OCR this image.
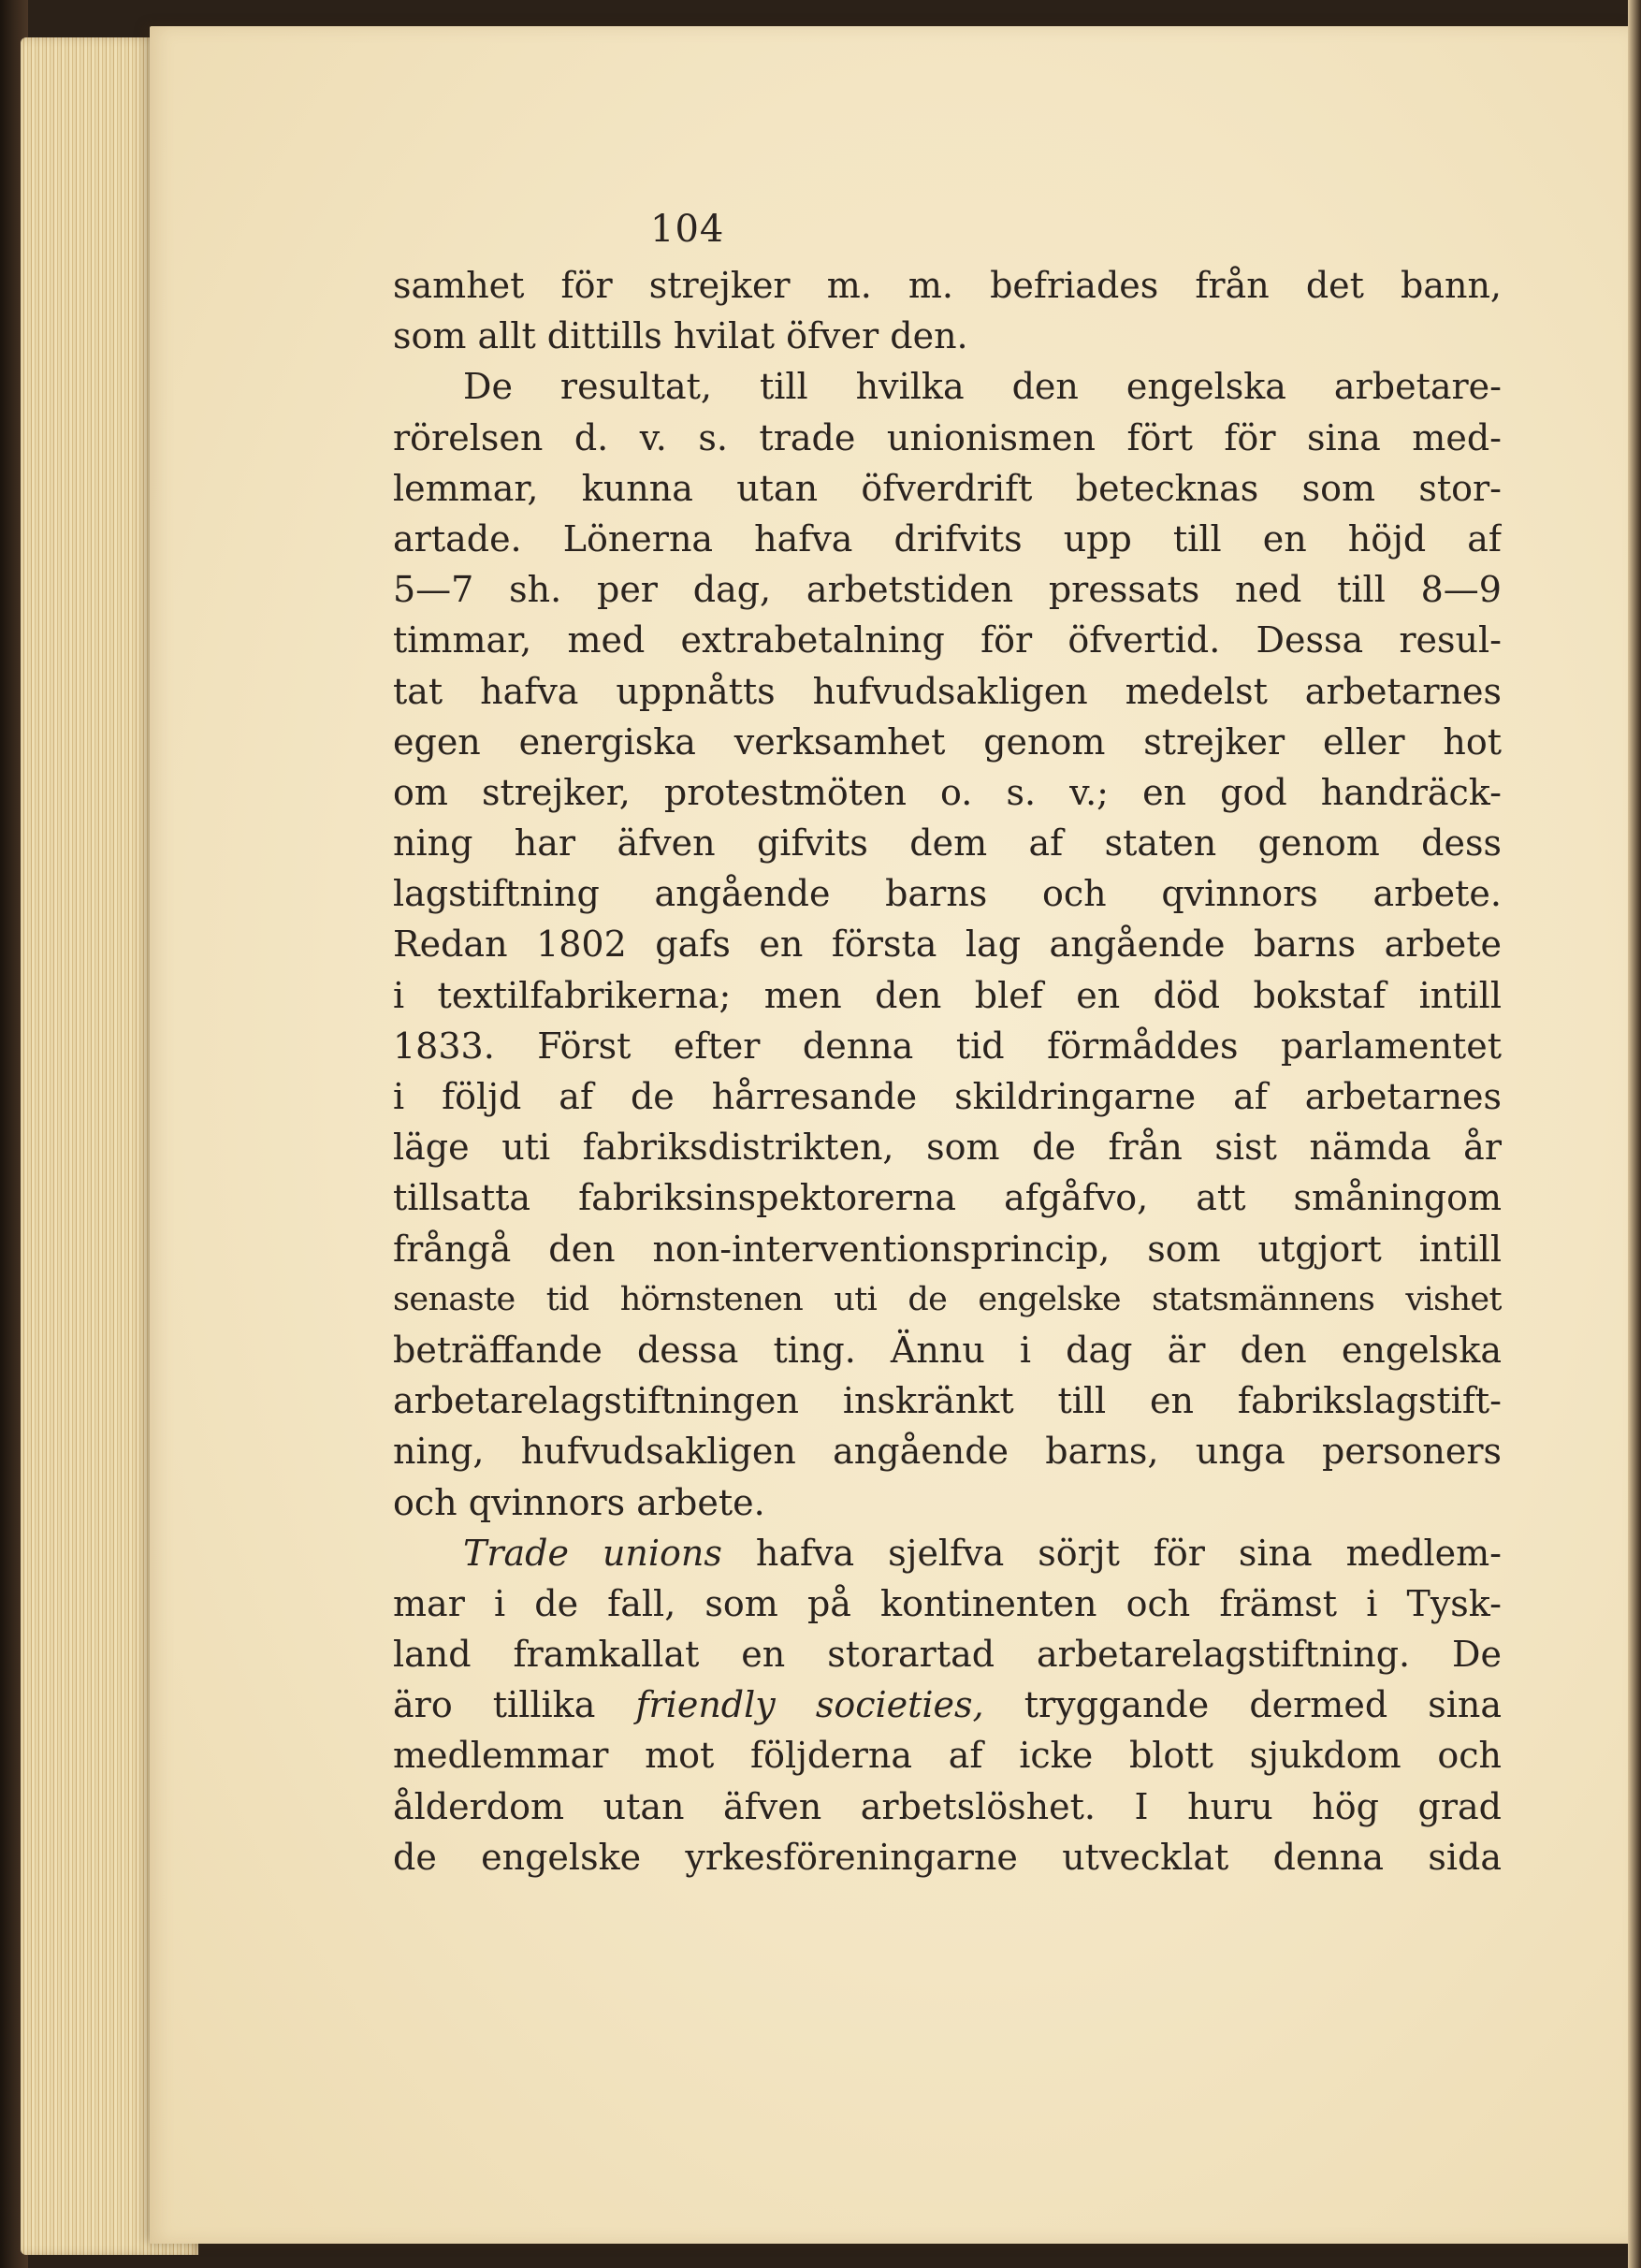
104
samhet för strejker m. m. befriades från det bann,
som allt dittills hvilat öfver den.
De resultat, till hvilka den engelska arbetare-
rörelsen d. v. s. trade unionismen fört för sina med-
lemmar, kunna utan öfverdrift betecknas som stor-
artade. Lönerna hafva drifvits upp till en höjd af
5—7 sh. per dag, arbetstiden pressats ned till 8—9
timmar, med extrabetalning för öfvertid. Dessa resul-
tat hafva uppnåtts hufvudsakligen medelst arbetarnes
egen energiska verksamhet genom strejker eller hot
om strejker, protestmöten o. s. v.; en god handräck-
ning har äfven gifvits dem af staten genom dess
lagstiftning angående barns och qvinnors arbete.
Redan 1802 gafs en första lag angående barns arbete
i textilfabrikerna; men den blef en död bokstaf intill
1833. Först efter denna tid förmåddes parlamentet
i följd af de hårresande skildringarne af arbetarnes
läge uti fabriksdistrikten, som de från sist nämda år
tillsatta fabriksinspektorerna afgåfvo, att småningom
frångå den non-interventionsprincip, som utgjort intill
senaste tid hörnstenen uti de engelske statsmännens vishet
beträffande dessa ting. Ännu i dag är den engelska
arbetarelagstiftningen inskränkt till en fabrikslagstift-
ning, hufvudsakligen angående barns, unga personers
och qvinnors arbete.
Trade unions hafva sjelfva sörjt för sina medlem-
mar i de fall, som på kontinenten och främst i Tysk-
land framkallat en storartad arbetarelagstiftning. De
äro tillika friendly societies, tryggande dermed sina
medlemmar mot följderna af icke blott sjukdom och
ålderdom utan äfven arbetslöshet. I huru hög grad
de engelske yrkesföreningarne utvecklat denna sida
